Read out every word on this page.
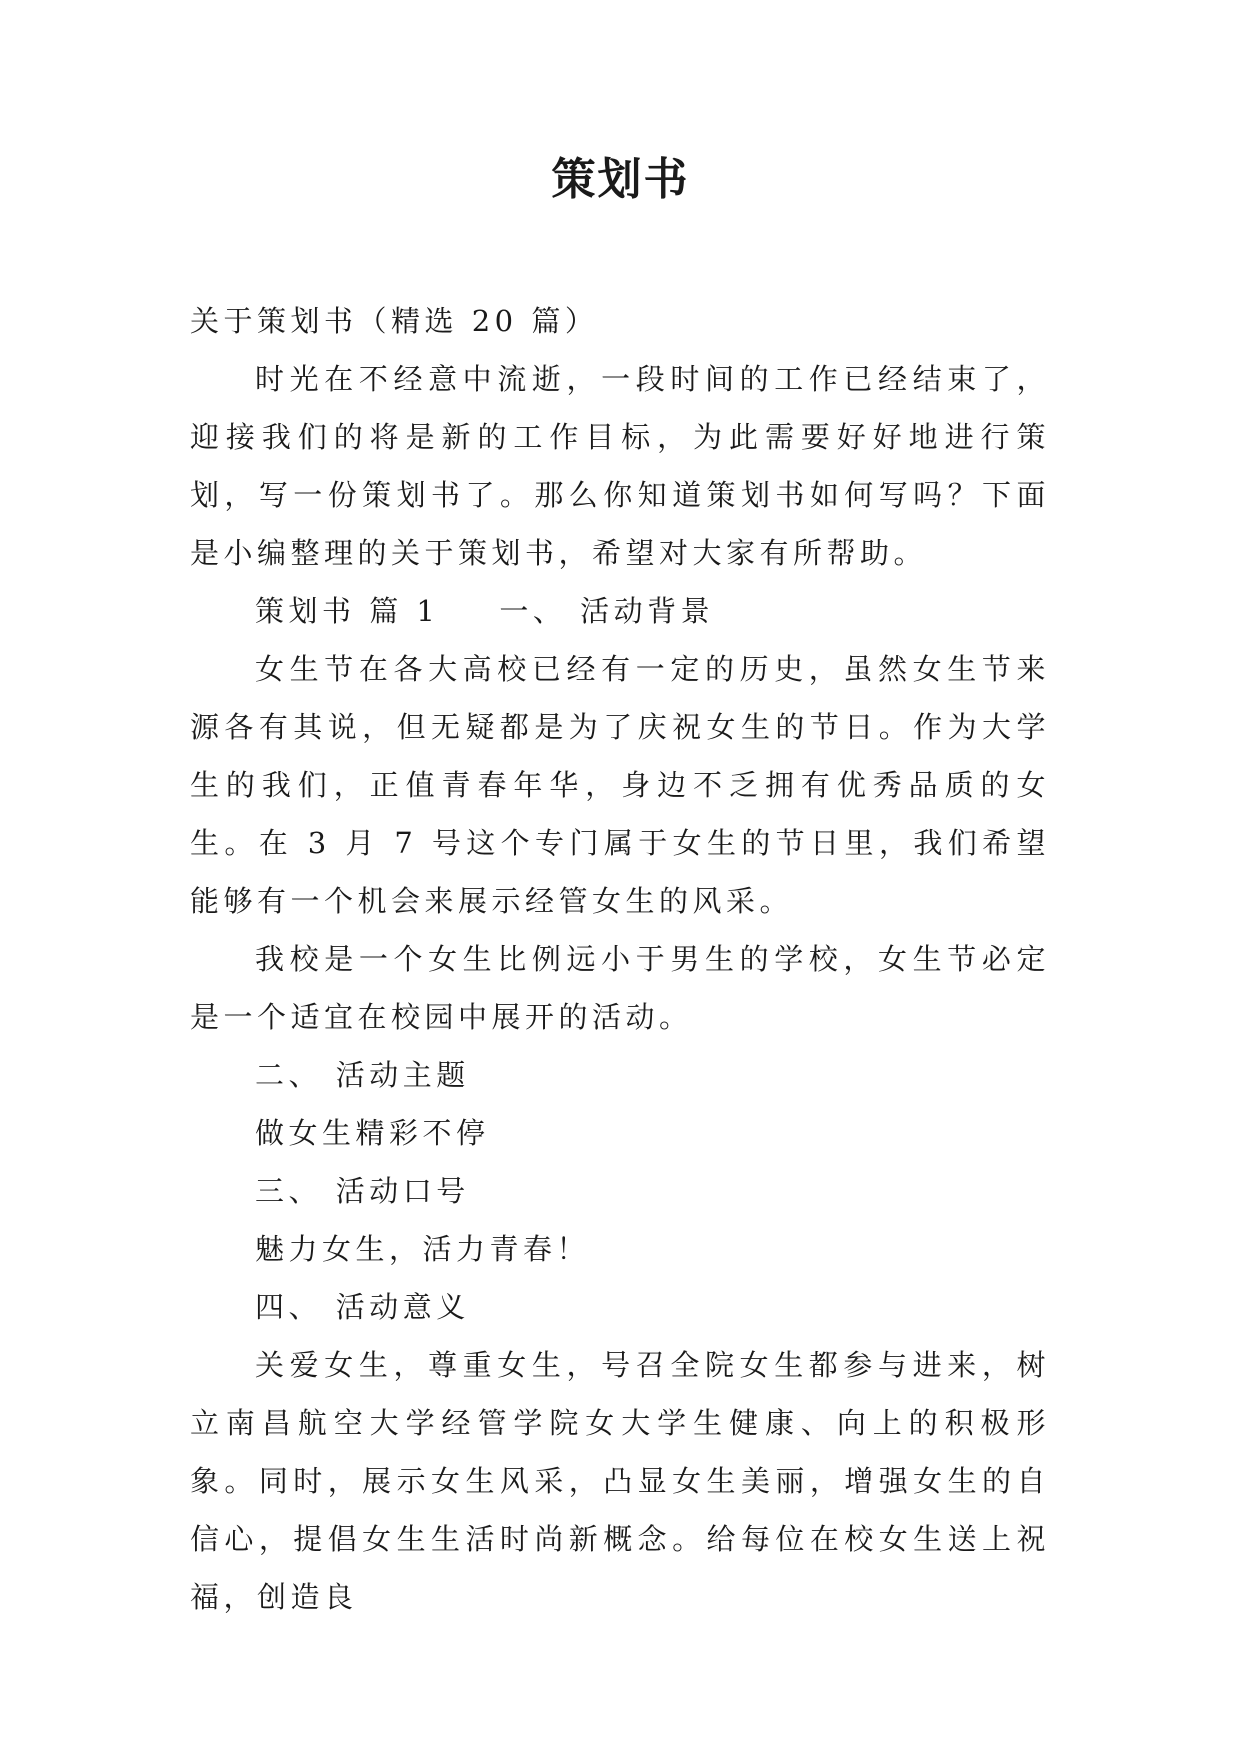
策划书

关于策划书（精选 20 篇）

时光在不经意中流逝，一段时间的工作已经结束了，迎接我们的将是新的工作目标，为此需要好好地进行策划，写一份策划书了。那么你知道策划书如何写吗？下面是小编整理的关于策划书，希望对大家有所帮助。

策划书 篇 1 一、 活动背景

女生节在各大高校已经有一定的历史，虽然女生节来源各有其说，但无疑都是为了庆祝女生的节日。作为大学生的我们，正值青春年华，身边不乏拥有优秀品质的女生。在 3 月 7 号这个专门属于女生的节日里，我们希望能够有一个机会来展示经管女生的风采。

我校是一个女生比例远小于男生的学校，女生节必定是一个适宜在校园中展开的活动。

二、 活动主题

做女生精彩不停

三、 活动口号

魅力女生，活力青春！

四、 活动意义

关爱女生，尊重女生，号召全院女生都参与进来，树立南昌航空大学经管学院女大学生健康、向上的积极形象。同时，展示女生风采，凸显女生美丽，增强女生的自信心，提倡女生生活时尚新概念。给每位在校女生送上祝福，创造良
